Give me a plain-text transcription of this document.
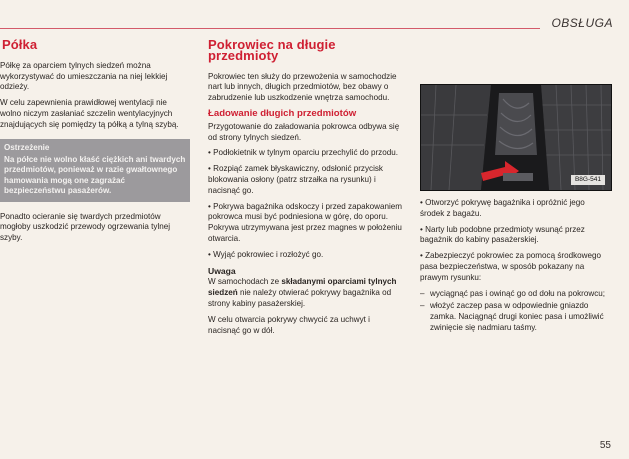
OBSŁUGA
Półka

Półkę za oparciem tylnych siedzeń można wykorzystywać do umieszczania na niej lekkiej odzieży.

W celu zapewnienia prawidłowej wentylacji nie wolno niczym zasłaniać szczelin wentylacyjnych znajdujących się pomiędzy tą półką a tylną szybą.

Ostrzeżenie
Na półce nie wolno kłaść ciężkich ani twardych przedmiotów, ponieważ w razie gwałtownego hamowania mogą one zagrażać bezpieczeństwu pasażerów.

Ponadto ocieranie się twardych przedmiotów mogłoby uszkodzić przewody ogrzewania tylnej szyby.

Pokrowiec na długie przedmioty

Pokrowiec ten służy do przewożenia w samochodzie nart lub innych, długich przedmiotów, bez obawy o zabrudzenie lub uszkodzenie wnętrza samochodu.

Ładowanie długich przedmiotów

Przygotowanie do załadowania pokrowca odbywa się od strony tylnych siedzeń.

• Podłokietnik w tylnym oparciu przechylić do przodu.

• Rozpiąć zamek błyskawiczny, odsłonić przycisk blokowania osłony (patrz strzałka na rysunku) i nacisnąć go.

• Pokrywa bagażnika odskoczy i przed zapakowaniem pokrowca musi być podniesiona w górę, do oporu. Pokrywa utrzymywana jest przez magnes w położeniu otwarcia.

• Wyjąć pokrowiec i rozłożyć go.

Uwaga

W samochodach ze składanymi oparciami tylnych siedzeń nie należy otwierać pokrywy bagażnika od strony kabiny pasażerskiej.

W celu otwarcia pokrywy chwycić za uchwyt i nacisnąć go w dół.

B8G-541

• Otworzyć pokrywę bagażnika i opróżnić jego środek z bagażu.

• Narty lub podobne przedmioty wsunąć przez bagażnik do kabiny pasażerskiej.

• Zabezpieczyć pokrowiec za pomocą środkowego pasa bezpieczeństwa, w sposób pokazany na prawym rysunku:

– wyciągnąć pas i owinąć go od dołu na pokrowcu;
– włożyć zaczep pasa w odpowiednie gniazdo zamka. Naciągnąć drugi koniec pasa i umożliwić zwinięcie się nadmiaru taśmy.
55
